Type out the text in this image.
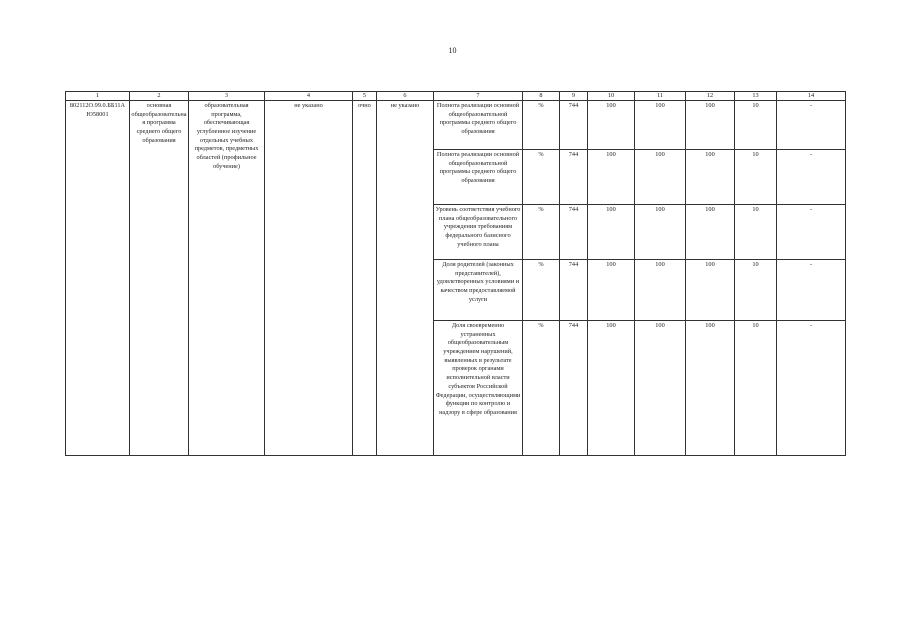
10
1	2	3	4	5	6	7	8	9	10	11	12	13	14
802112О.99.0.ББ11АЮ58001	основная общеобразовательная программа среднего общего образования	образовательная программа, обеспечивающая углубленное изучение отдельных учебных предметов, предметных областей (профильное обучение)	не указано	очно	не указано	Полнота реализации основной общеобразовательной программы среднего общего образования	%	744	100	100	100	10	-
						Полнота реализации основной общеобразовательной программы среднего общего образования	%	744	100	100	100	10	-
						Уровень соответствия учебного плана общеобразовательного учреждения требованиям федерального базисного учебного плана	%	744	100	100	100	10	-
						Доля родителей (законных представителей), удовлетворенных условиями и качеством предоставляемой услуги	%	744	100	100	100	10	-
						Доля своевременно устраненных общеобразовательным учреждением нарушений, выявленных в результате проверок органами исполнительной власти субъектов Российской Федерации, осуществляющими функции по контролю и надзору в сфере образования	%	744	100	100	100	10	-
